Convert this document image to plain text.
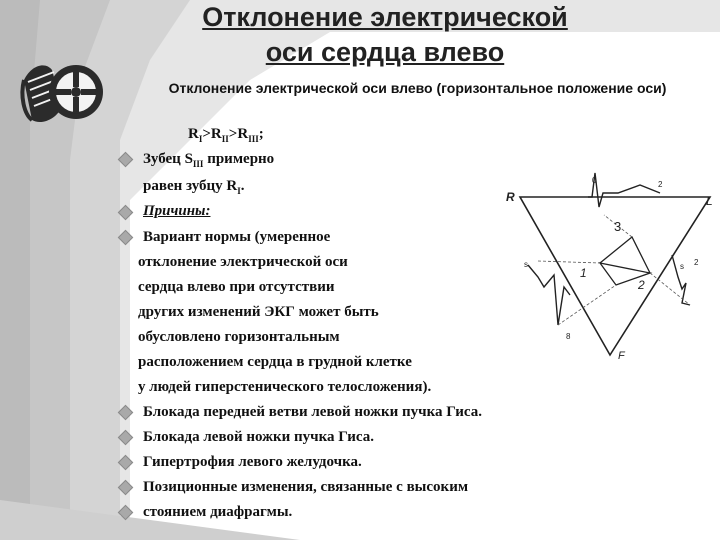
Отклонение электрической
оси сердца влево
Отклонение электрической оси влево (горизонтальное положение оси)
$R_I>R_{II}>R_{III}$;
Зубец $S_{III}$ примерно
равен зубцу $R_I$.
Причины:
Вариант нормы (умеренное
отклонение электрической оси
сердца влево при отсутствии
других изменений ЭКГ может быть
обусловлено горизонтальным
расположением сердца в грудной клетке
у людей гиперстенического телосложения).
Блокада передней ветви левой ножки пучка Гиса.
Блокада левой ножки пучка Гиса.
Гипертрофия левого желудочка.
Позиционные изменения, связанные с высоким
стоянием диафрагмы.
R	L
F
3
1
2
0	2
s
8
s 2
